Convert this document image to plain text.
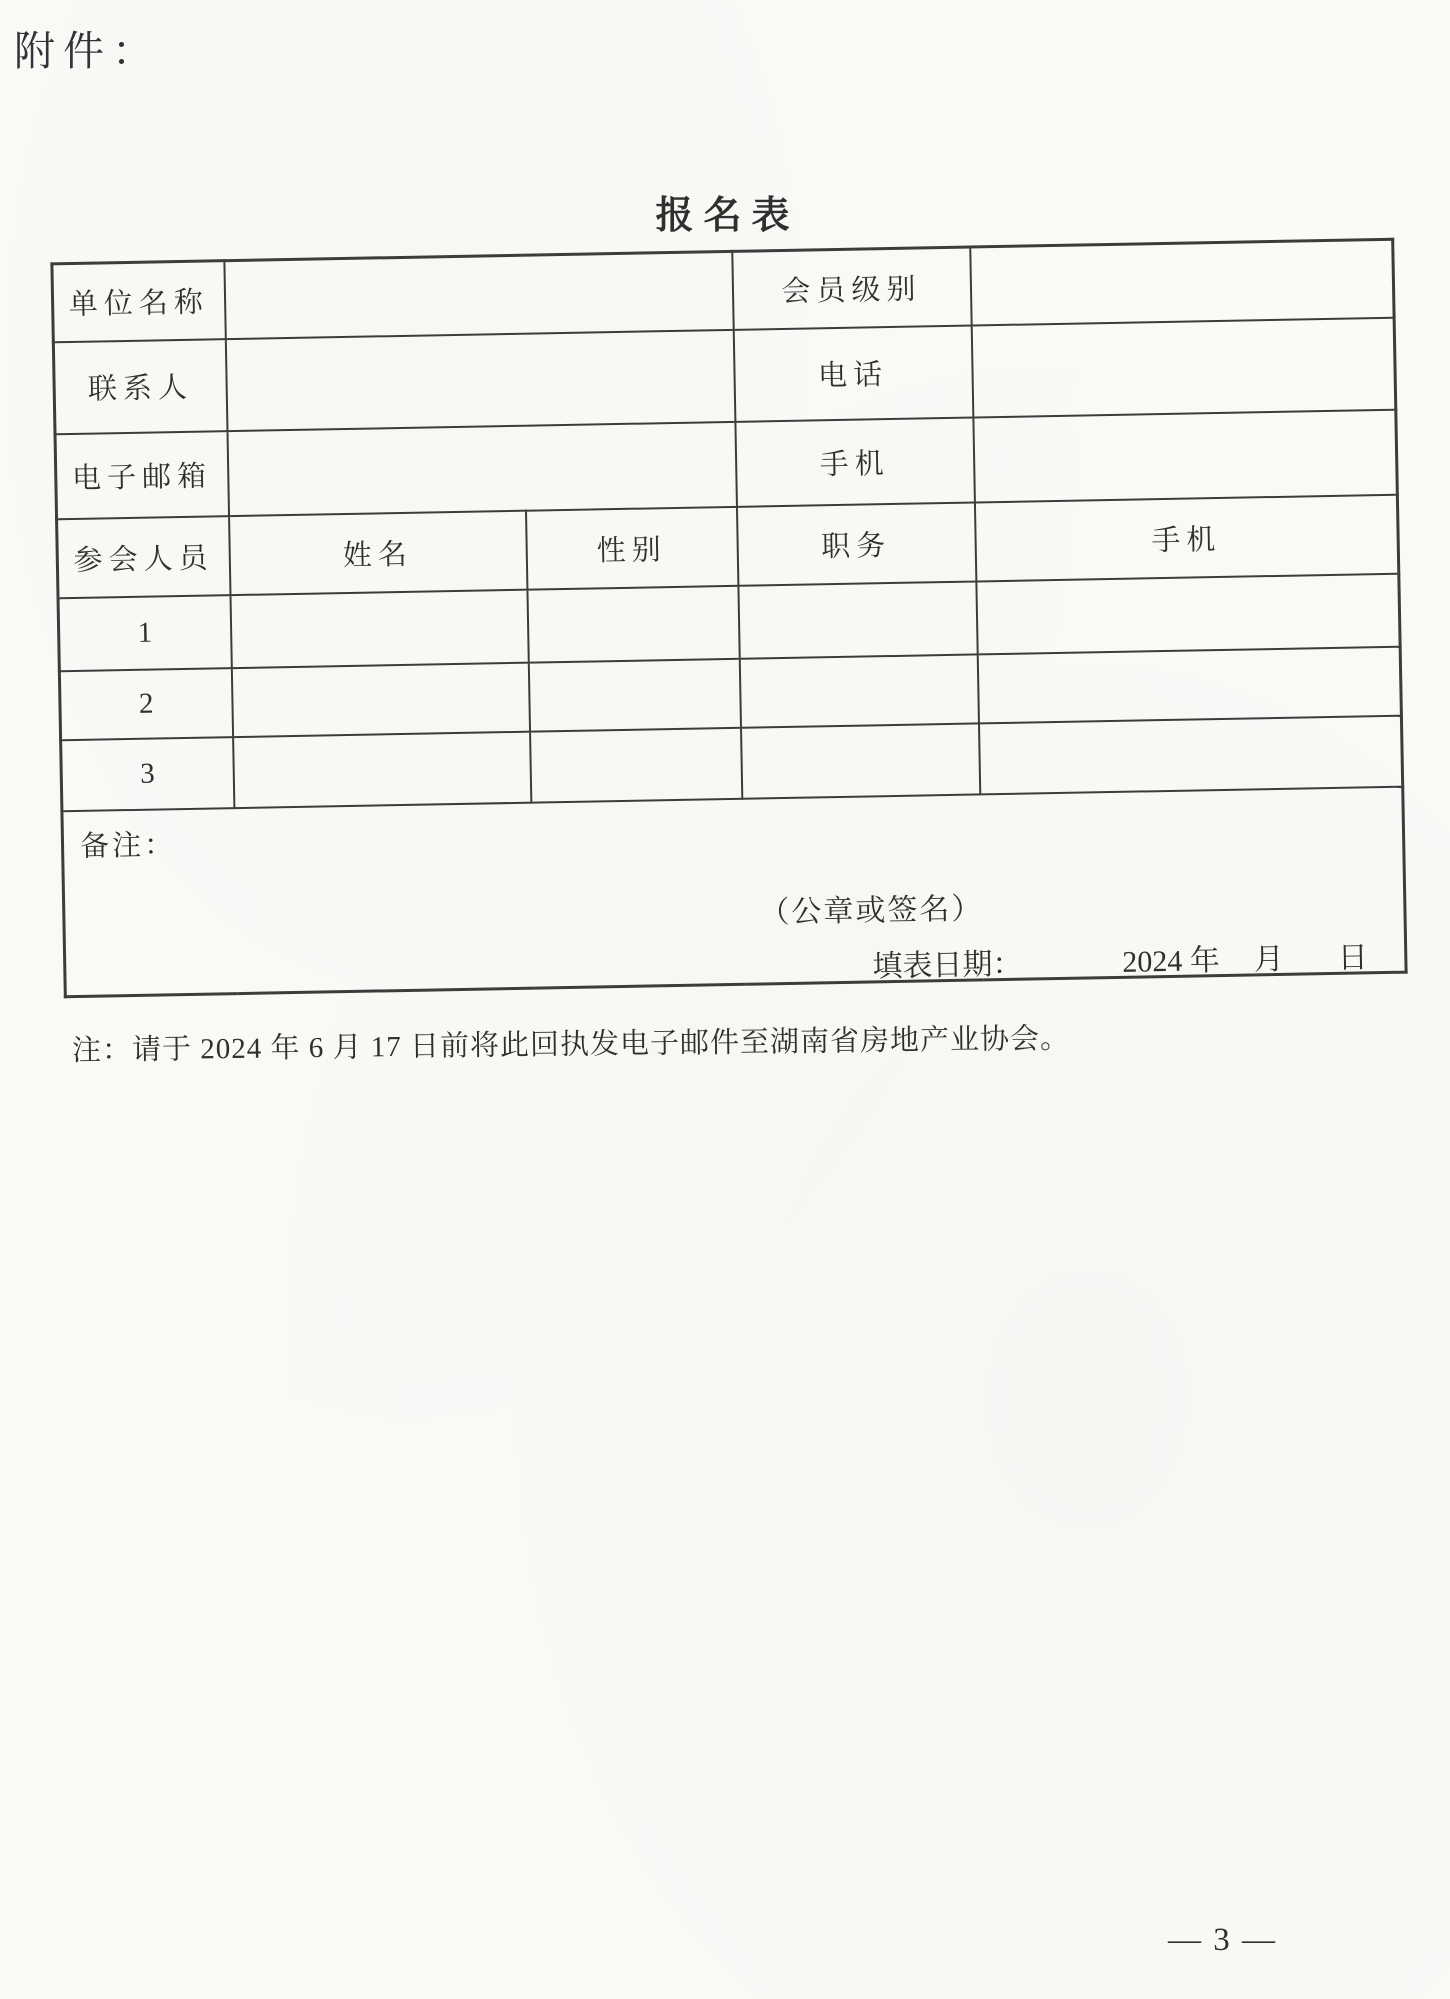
附件：
报名表
单位名称			会员级别	
联系人			电话	
电子邮箱			手机	
参会人员	姓名	性别	职务	手机
1				
2				
3				

备注：
（公章或签名）
填表日期： 2024 年 月 日				
注：请于 2024 年 6 月 17 日前将此回执发电子邮件至湖南省房地产业协会。
— 3 —
